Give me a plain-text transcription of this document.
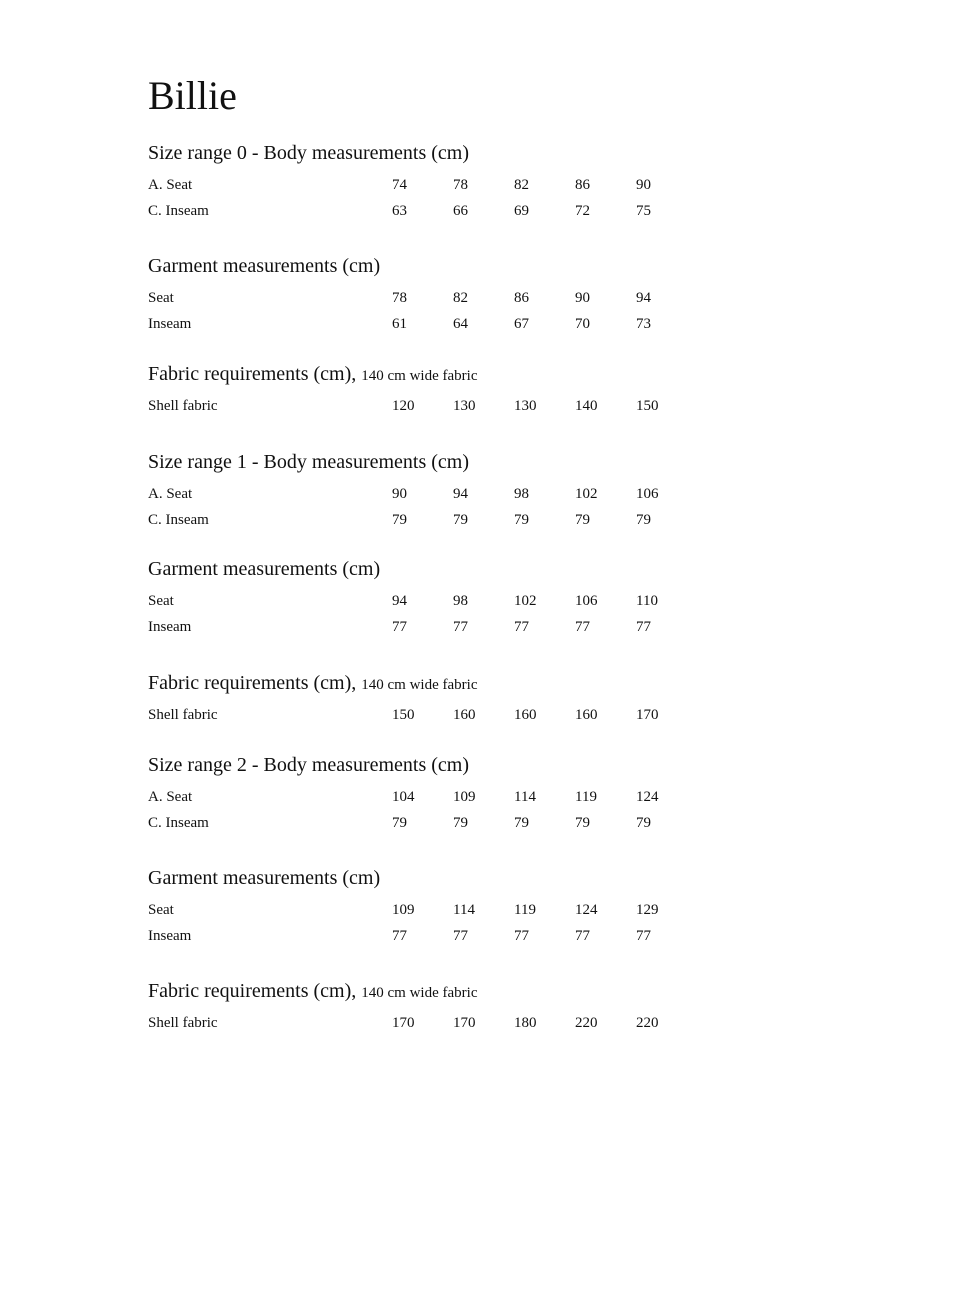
Billie
Size range 0 - Body measurements (cm)
A. Seat	74	78	82	86	90
C. Inseam	63	66	69	72	75
Garment measurements (cm)
Seat	78	82	86	90	94
Inseam	61	64	67	70	73
Fabric requirements (cm), 140 cm wide fabric
Shell fabric	120	130	130	140	150
Size range 1 - Body measurements (cm)
A. Seat	90	94	98	102	106
C. Inseam	79	79	79	79	79
Garment measurements (cm)
Seat	94	98	102	106	110
Inseam	77	77	77	77	77
Fabric requirements (cm), 140 cm wide fabric
Shell fabric	150	160	160	160	170
Size range 2 - Body measurements (cm)
A. Seat	104	109	114	119	124
C. Inseam	79	79	79	79	79
Garment measurements (cm)
Seat	109	114	119	124	129
Inseam	77	77	77	77	77
Fabric requirements (cm), 140 cm wide fabric
Shell fabric	170	170	180	220	220
